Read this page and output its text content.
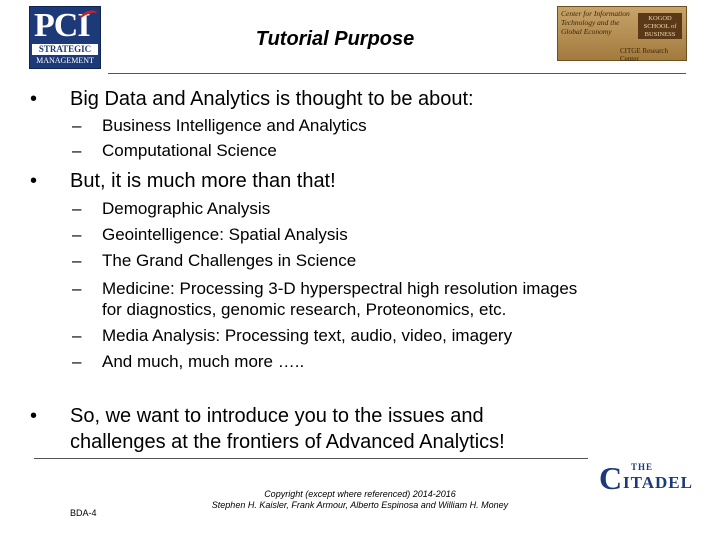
PCI
STRATEGIC
MANAGEMENT
Center for Information Technology and the Global Economy
KOGOD SCHOOL of BUSINESS
CITGE Research Center
Tutorial Purpose
• Big Data and Analytics is thought to be about:
– Business Intelligence and Analytics
– Computational Science
• But, it is much more than that!
– Demographic Analysis
– Geointelligence: Spatial Analysis
– The Grand Challenges in Science
– Medicine: Processing 3-D hyperspectral high resolution images
for diagnostics, genomic research, Proteonomics, etc.
– Media Analysis: Processing text, audio, video, imagery
– And much, much more …..
• So, we want to introduce you to the issues and
challenges at the frontiers of Advanced Analytics!
Copyright (except where referenced) 2014-2016
Stephen H. Kaisler, Frank Armour, Alberto Espinosa and William H. Money
BDA-4
C THE
ITADEL
